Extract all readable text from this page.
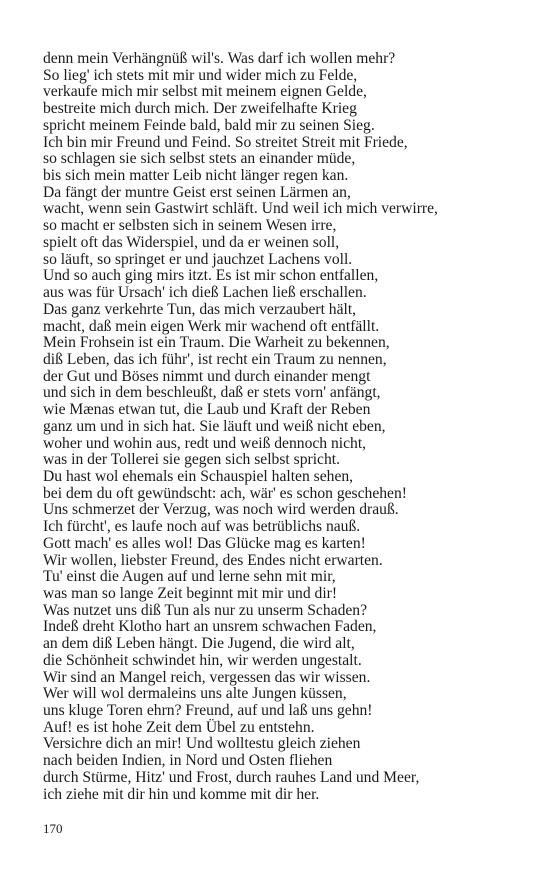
denn mein Verhängnüß wil's. Was darf ich wollen mehr?
So lieg' ich stets mit mir und wider mich zu Felde,
verkaufe mich mir selbst mit meinem eignen Gelde,
bestreite mich durch mich. Der zweifelhafte Krieg
spricht meinem Feinde bald, bald mir zu seinen Sieg.
Ich bin mir Freund und Feind. So streitet Streit mit Friede,
so schlagen sie sich selbst stets an einander müde,
bis sich mein matter Leib nicht länger regen kan.
Da fängt der muntre Geist erst seinen Lärmen an,
wacht, wenn sein Gastwirt schläft. Und weil ich mich verwirre,
so macht er selbsten sich in seinem Wesen irre,
spielt oft das Widerspiel, und da er weinen soll,
so läuft, so springet er und jauchzet Lachens voll.
Und so auch ging mirs itzt. Es ist mir schon entfallen,
aus was für Ursach' ich dieß Lachen ließ erschallen.
Das ganz verkehrte Tun, das mich verzaubert hält,
macht, daß mein eigen Werk mir wachend oft entfällt.
Mein Frohsein ist ein Traum. Die Warheit zu bekennen,
diß Leben, das ich führ', ist recht ein Traum zu nennen,
der Gut und Böses nimmt und durch einander mengt
und sich in dem beschleußt, daß er stets vorn' anfängt,
wie Mænas etwan tut, die Laub und Kraft der Reben
ganz um und in sich hat. Sie läuft und weiß nicht eben,
woher und wohin aus, redt und weiß dennoch nicht,
was in der Tollerei sie gegen sich selbst spricht.
Du hast wol ehemals ein Schauspiel halten sehen,
bei dem du oft gewündscht: ach, wär' es schon geschehen!
Uns schmerzet der Verzug, was noch wird werden drauß.
Ich fürcht', es laufe noch auf was betrüblichs nauß.
Gott mach' es alles wol! Das Glücke mag es karten!
Wir wollen, liebster Freund, des Endes nicht erwarten.
Tu' einst die Augen auf und lerne sehn mit mir,
was man so lange Zeit beginnt mit mir und dir!
Was nutzet uns diß Tun als nur zu unserm Schaden?
Indeß dreht Klotho hart an unsrem schwachen Faden,
an dem diß Leben hängt. Die Jugend, die wird alt,
die Schönheit schwindet hin, wir werden ungestalt.
Wir sind an Mangel reich, vergessen das wir wissen.
Wer will wol dermaleins uns alte Jungen küssen,
uns kluge Toren ehrn? Freund, auf und laß uns gehn!
Auf! es ist hohe Zeit dem Übel zu entstehn.
Versichre dich an mir! Und wolltestu gleich ziehen
nach beiden Indien, in Nord und Osten fliehen
durch Stürme, Hitz' und Frost, durch rauhes Land und Meer,
ich ziehe mit dir hin und komme mit dir her.
170
